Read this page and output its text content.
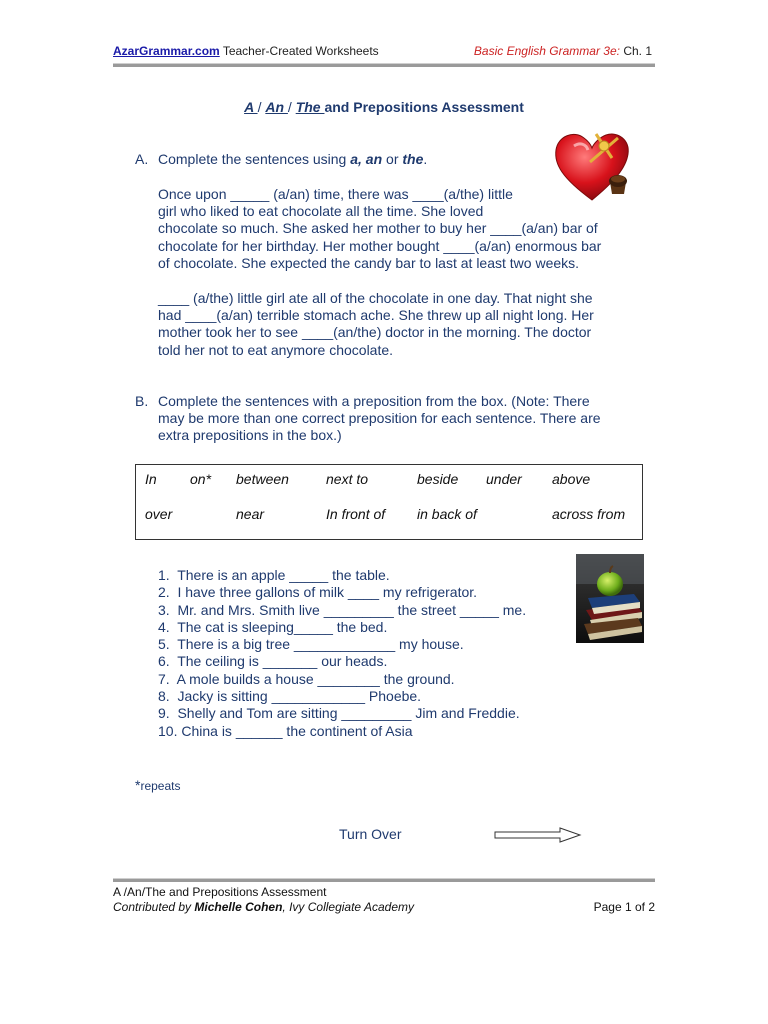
AzarGrammar.com Teacher-Created Worksheets	Basic English Grammar 3e: Ch. 1
A / An / The and Prepositions Assessment
A. Complete the sentences using a, an or the.
Once upon _____ (a/an) time, there was ____(a/the) little
girl who liked to eat chocolate all the time. She loved
chocolate so much. She asked her mother to buy her ____(a/an) bar of
chocolate for her birthday. Her mother bought ____(a/an) enormous bar
of chocolate. She expected the candy bar to last at least two weeks.
____ (a/the) little girl ate all of the chocolate in one day. That night she
had ____(a/an) terrible stomach ache. She threw up all night long. Her
mother took her to see ____(an/the) doctor in the morning. The doctor
told her not to eat anymore chocolate.
B. Complete the sentences with a preposition from the box. (Note: There
may be more than one correct preposition for each sentence. There are
extra prepositions in the box.)
In on* between	next to	beside under above
over	near	In front of in back of	across from
1.  There is an apple _____ the table.
2.  I have three gallons of milk ____ my refrigerator.
3.  Mr. and Mrs. Smith live _________ the street _____ me.
4.  The cat is sleeping_____ the bed.
5.  There is a big tree _____________ my house.
6.  The ceiling is _______ our heads.
7.  A mole builds a house ________ the ground.
8.  Jacky is sitting ____________ Phoebe.
9.  Shelly and Tom are sitting _________ Jim and Freddie.
10. China is ______ the continent of Asia
*repeats
Turn Over
A /An/The and Prepositions Assessment
Contributed by Michelle Cohen, Ivy Collegiate Academy	Page 1 of 2
